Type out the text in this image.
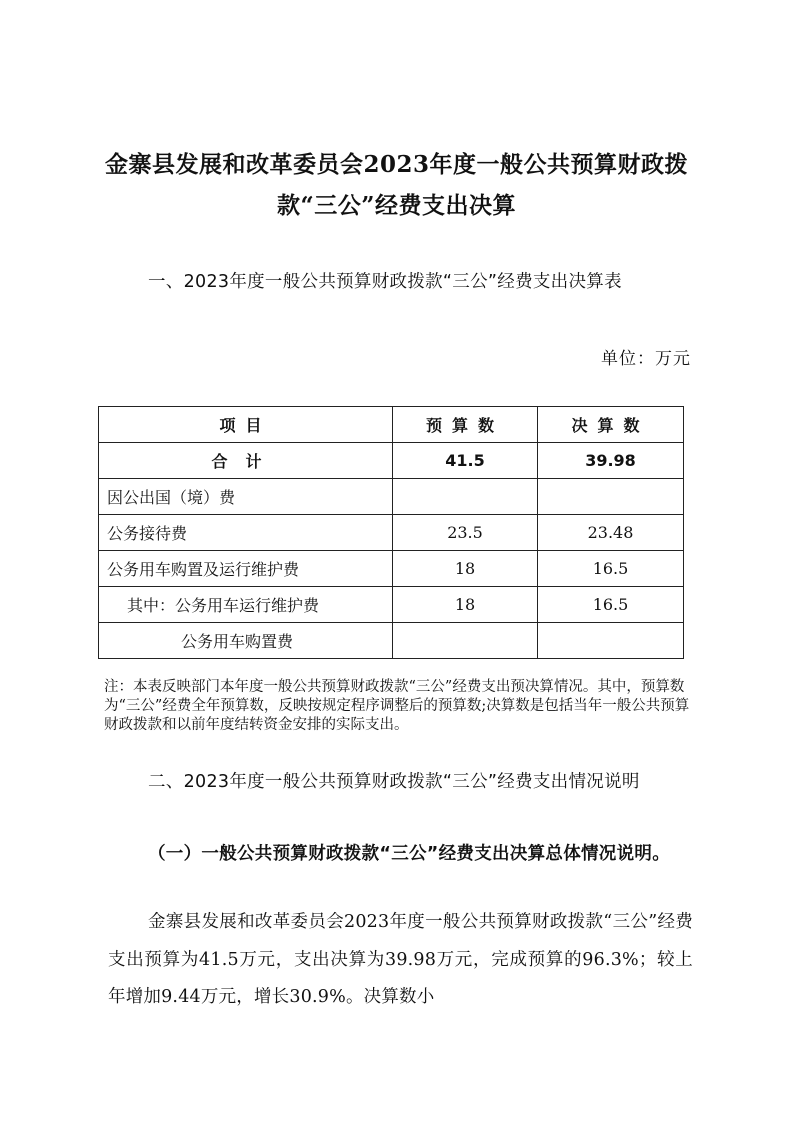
金寨县发展和改革委员会2023年度一般公共预算财政拨
款“三公”经费支出决算
一、2023年度一般公共预算财政拨款“三公”经费支出决算表
单位：万元
项目	预算数	决算数
合计	41.5	39.98
因公出国（境）费		
公务接待费	23.5	23.48
公务用车购置及运行维护费	18	16.5
其中：公务用车运行维护费	18	16.5
公务用车购置费		
注：本表反映部门本年度一般公共预算财政拨款“三公”经费支出预决算情况。其中，预算数为“三公”经费全年预算数，反映按规定程序调整后的预算数;决算数是包括当年一般公共预算财政拨款和以前年度结转资金安排的实际支出。
二、2023年度一般公共预算财政拨款“三公”经费支出情况说明
（一）一般公共预算财政拨款“三公”经费支出决算总体情况说明。
金寨县发展和改革委员会2023年度一般公共预算财政拨款“三公”经费支出预算为41.5万元，支出决算为39.98万元，完成预算的96.3%；较上年增加9.44万元，增长30.9%。决算数小
